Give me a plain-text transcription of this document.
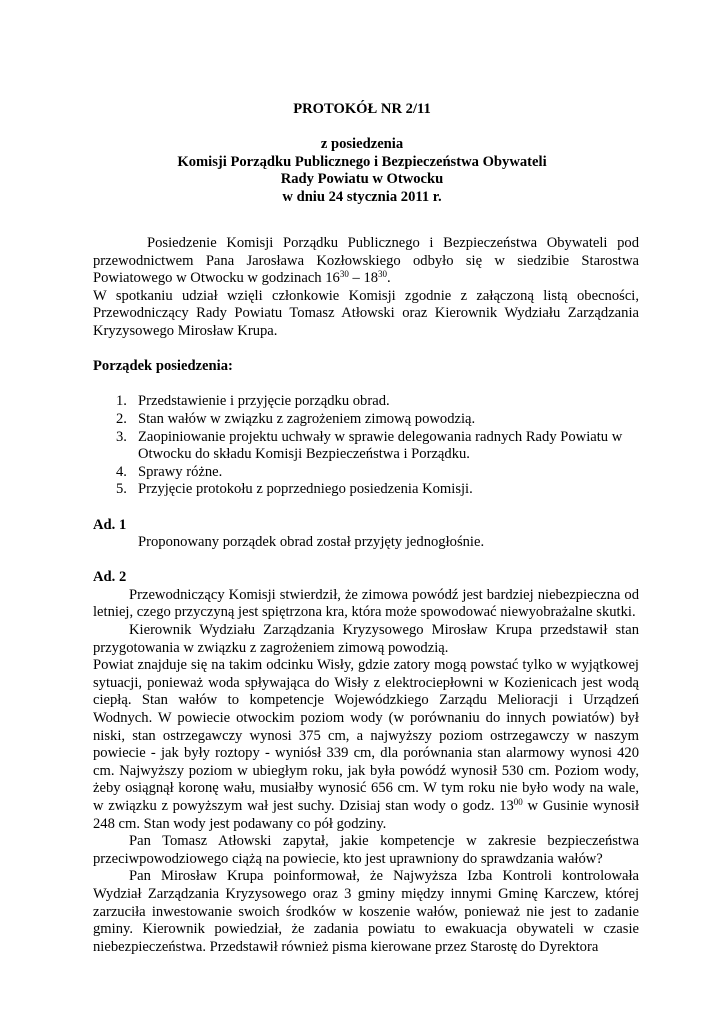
PROTOKÓŁ NR 2/11
z posiedzenia
Komisji Porządku Publicznego i Bezpieczeństwa Obywateli
Rady Powiatu w Otwocku
w dniu 24 stycznia 2011 r.

Posiedzenie Komisji Porządku Publicznego i Bezpieczeństwa Obywateli pod przewodnictwem Pana Jarosława Kozłowskiego odbyło się w siedzibie Starostwa Powiatowego w Otwocku w godzinach $16^{30} - 18^{30}$.

W spotkaniu udział wzięli członkowie Komisji zgodnie z załączoną listą obecności, Przewodniczący Rady Powiatu Tomasz Atłowski oraz Kierownik Wydziału Zarządzania Kryzysowego Mirosław Krupa.

Porządek posiedzenia:

1. Przedstawienie i przyjęcie porządku obrad.
2. Stan wałów w związku z zagrożeniem zimową powodzią.
3. Zaopiniowanie projektu uchwały w sprawie delegowania radnych Rady Powiatu w Otwocku do składu Komisji Bezpieczeństwa i Porządku.
4. Sprawy różne.
5. Przyjęcie protokołu z poprzedniego posiedzenia Komisji.

Ad. 1

Proponowany porządek obrad został przyjęty jednogłośnie.

Ad. 2

Przewodniczący Komisji stwierdził, że zimowa powódź jest bardziej niebezpieczna od letniej, czego przyczyną jest spiętrzona kra, która może spowodować niewyobrażalne skutki.

Kierownik Wydziału Zarządzania Kryzysowego Mirosław Krupa przedstawił stan przygotowania w związku z zagrożeniem zimową powodzią.

Powiat znajduje się na takim odcinku Wisły, gdzie zatory mogą powstać tylko w wyjątkowej sytuacji, ponieważ woda spływająca do Wisły z elektrociepłowni w Kozienicach jest wodą ciepłą. Stan wałów to kompetencje Wojewódzkiego Zarządu Melioracji i Urządzeń Wodnych. W powiecie otwockim poziom wody (w porównaniu do innych powiatów) był niski, stan ostrzegawczy wynosi 375 cm, a najwyższy poziom ostrzegawczy w naszym powiecie - jak były roztopy - wyniósł 339 cm, dla porównania stan alarmowy wynosi 420 cm. Najwyższy poziom w ubiegłym roku, jak była powódź wynosił 530 cm. Poziom wody, żeby osiągnął koronę wału, musiałby wynosić 656 cm. W tym roku nie było wody na wale, w związku z powyższym wał jest suchy. Dzisiaj stan wody o godz. $13^{00}$ w Gusinie wynosił 248 cm. Stan wody jest podawany co pół godziny.

Pan Tomasz Atłowski zapytał, jakie kompetencje w zakresie bezpieczeństwa przeciwpowodziowego ciążą na powiecie, kto jest uprawniony do sprawdzania wałów?

Pan Mirosław Krupa poinformował, że Najwyższa Izba Kontroli kontrolowała Wydział Zarządzania Kryzysowego oraz 3 gminy między innymi Gminę Karczew, której zarzuciła inwestowanie swoich środków w koszenie wałów, ponieważ nie jest to zadanie gminy. Kierownik powiedział, że zadania powiatu to ewakuacja obywateli w czasie niebezpieczeństwa. Przedstawił również pisma kierowane przez Starostę do Dyrektora
